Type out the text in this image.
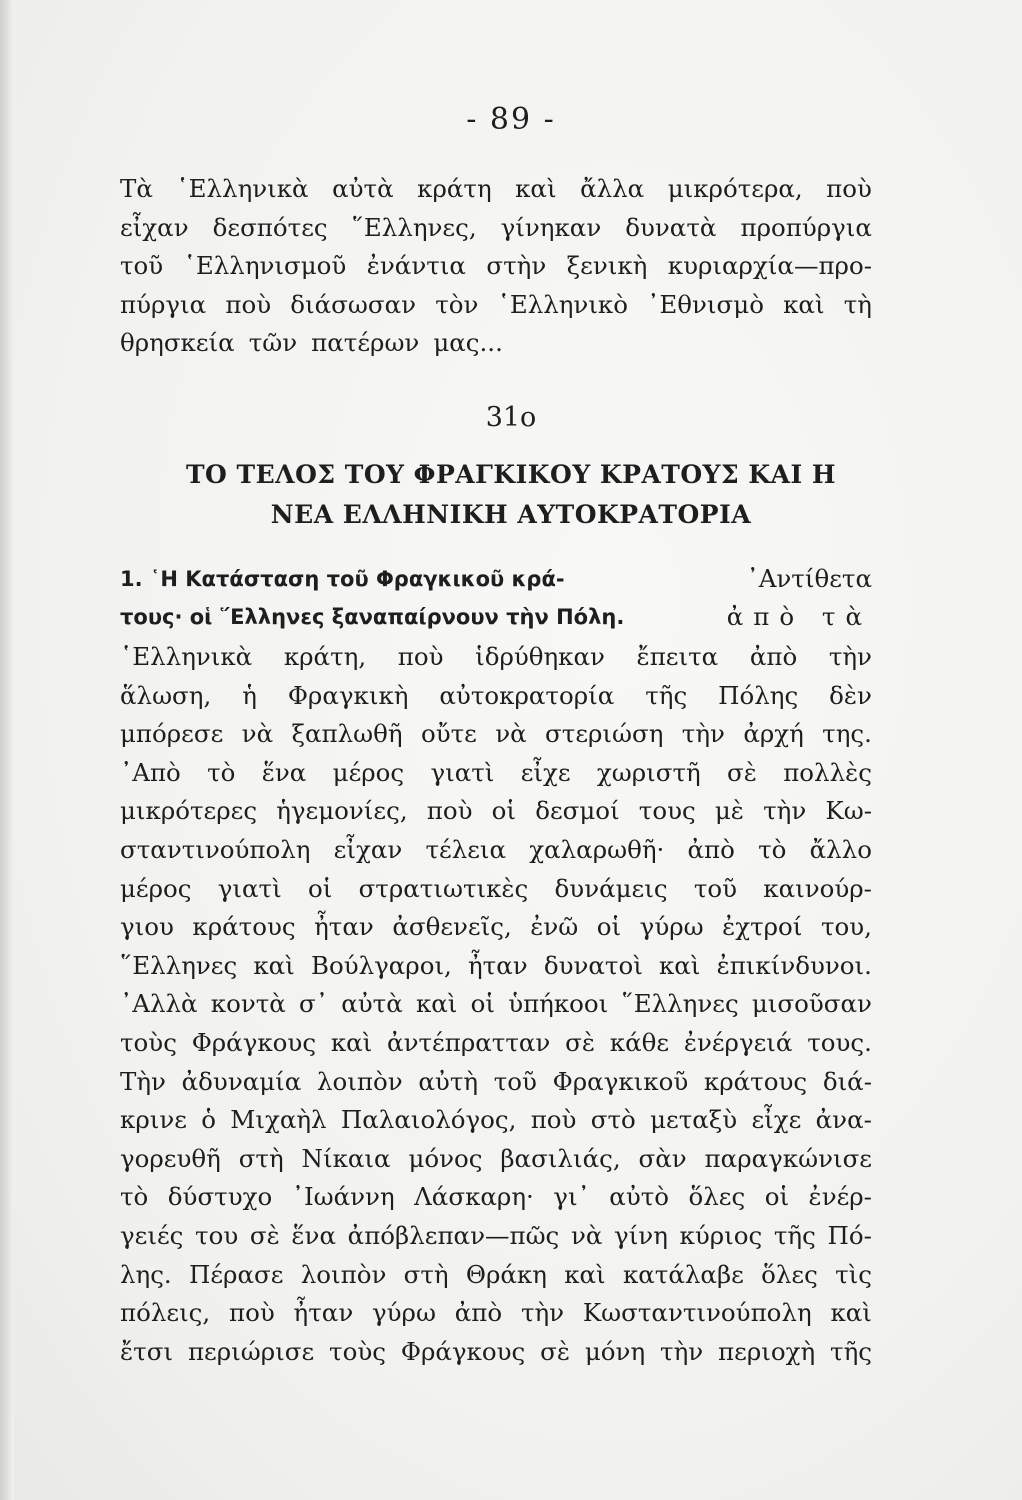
- 89 -
Τὰ ῾Ελληνικὰ αὐτὰ κράτη καὶ ἄλλα μικρότερα, ποὺ
εἶχαν δεσπότες ῞Ελληνες, γίνηκαν δυνατὰ προπύργια
τοῦ ῾Ελληνισμοῦ ἐνάντια στὴν ξενικὴ κυριαρχία—προ-
πύργια ποὺ διάσωσαν τὸν ῾Ελληνικὸ ᾿Εθνισμὸ καὶ τὴ
θρησκεία τῶν πατέρων μας...
31ο
ΤΟ ΤΕΛΟΣ ΤΟΥ ΦΡΑΓΚΙΚΟΥ ΚΡΑΤΟΥΣ ΚΑΙ Η
ΝΕΑ ΕΛΛΗΝΙΚΗ ΑΥΤΟΚΡΑΤΟΡΙΑ
1. ῾Η Κατάσταση τοῦ Φραγκικοῦ κρά-	᾿Αντίθετα
τους· οἱ ῞Ελληνες ξαναπαίρνουν τὴν Πόλη.	ἀπὸ τὰ
῾Ελληνικὰ κράτη, ποὺ ἱδρύθηκαν ἔπειτα ἀπὸ τὴν
ἅλωση, ἡ Φραγκικὴ αὐτοκρατορία τῆς Πόλης δὲν
μπόρεσε νὰ ξαπλωθῆ οὔτε νὰ στεριώση τὴν ἀρχή της.
᾿Απὸ τὸ ἕνα μέρος γιατὶ εἶχε χωριστῆ σὲ πολλὲς
μικρότερες ἡγεμονίες, ποὺ οἱ δεσμοί τους μὲ τὴν Κω-
σταντινούπολη εἶχαν τέλεια χαλαρωθῆ· ἀπὸ τὸ ἄλλο
μέρος γιατὶ οἱ στρατιωτικὲς δυνάμεις τοῦ καινούρ-
γιου κράτους ἦταν ἀσθενεῖς, ἐνῶ οἱ γύρω ἐχτροί του,
῞Ελληνες καὶ Βούλγαροι, ἦταν δυνατοὶ καὶ ἐπικίνδυνοι.
᾿Αλλὰ κοντὰ σ᾿ αὐτὰ καὶ οἱ ὑπήκοοι ῞Ελληνες μισοῦσαν
τοὺς Φράγκους καὶ ἀντέπρατταν σὲ κάθε ἐνέργειά τους.
Τὴν ἀδυναμία λοιπὸν αὐτὴ τοῦ Φραγκικοῦ κράτους διά-
κρινε ὁ Μιχαὴλ Παλαιολόγος, ποὺ στὸ μεταξὺ εἶχε ἀνα-
γορευθῆ στὴ Νίκαια μόνος βασιλιάς, σὰν παραγκώνισε
τὸ δύστυχο ᾿Ιωάννη Λάσκαρη· γι᾿ αὐτὸ ὅλες οἱ ἐνέρ-
γειές του σὲ ἕνα ἀπόβλεπαν—πῶς νὰ γίνη κύριος τῆς Πό-
λης. Πέρασε λοιπὸν στὴ Θράκη καὶ κατάλαβε ὅλες τὶς
πόλεις, ποὺ ἦταν γύρω ἀπὸ τὴν Κωσταντινούπολη καὶ
ἔτσι περιώρισε τοὺς Φράγκους σὲ μόνη τὴν περιοχὴ τῆς
